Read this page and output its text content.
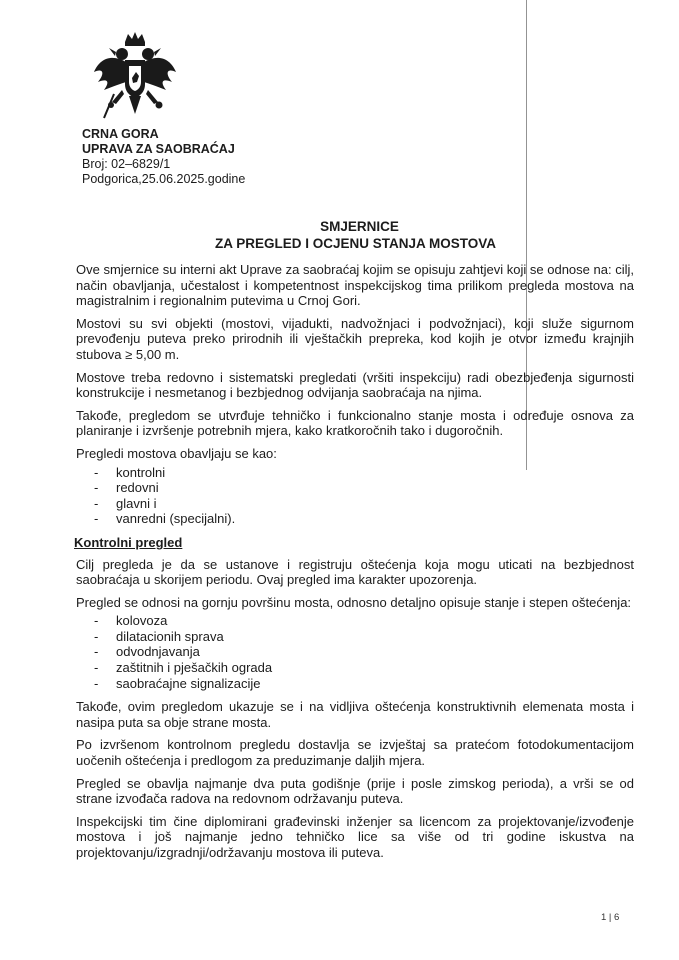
CRNA GORA
UPRAVA ZA SAOBRAĆAJ
Broj: 02–6829/1
Podgorica,25.06.2025.godine
SMJERNICE
ZA PREGLED I OCJENU STANJA MOSTOVA

Ove smjernice su interni akt Uprave za saobraćaj kojim se opisuju zahtjevi koji se odnose na: cilj, način obavljanja, učestalost i kompetentnost inspekcijskog tima prilikom pregleda mostova na magistralnim i regionalnim putevima u Crnoj Gori.

Mostovi su svi objekti (mostovi, vijadukti, nadvožnjaci i podvožnjaci), koji služe sigurnom prevođenju puteva preko prirodnih ili vještačkih prepreka, kod kojih je otvor između krajnjih stubova ≥ 5,00 m.

Mostove treba redovno i sistematski pregledati (vršiti inspekciju) radi obezbjeđenja sigurnosti konstrukcije i nesmetanog i bezbjednog odvijanja saobraćaja na njima.

Takođe, pregledom se utvrđuje tehničko i funkcionalno stanje mosta i određuje osnova za planiranje i izvršenje potrebnih mjera, kako kratkoročnih tako i dugoročnih.

Pregledi mostova obavljaju se kao:

- kontrolni
- redovni
- glavni i
- vanredni (specijalni).
Kontrolni pregled

Cilj pregleda je da se ustanove i registruju oštećenja koja mogu uticati na bezbjednost saobraćaja u skorijem periodu. Ovaj pregled ima karakter upozorenja.

Pregled se odnosi na gornju površinu mosta, odnosno detaljno opisuje stanje i stepen oštećenja:

- kolovoza
- dilatacionih sprava
- odvodnjavanja
- zaštitnih i pješačkih ograda
- saobraćajne signalizacije

Takođe, ovim pregledom ukazuje se i na vidljiva oštećenja konstruktivnih elemenata mosta i nasipa puta sa obje strane mosta.

Po izvršenom kontrolnom pregledu dostavlja se izvještaj sa pratećom fotodokumentacijom uočenih oštećenja i predlogom za preduzimanje daljih mjera.

Pregled se obavlja najmanje dva puta godišnje (prije i posle zimskog perioda), a vrši se od strane izvođača radova na redovnom održavanju puteva.

Inspekcijski tim čine diplomirani građevinski inženjer sa licencom za projektovanje/izvođenje mostova i još najmanje jedno tehničko lice sa više od tri godine iskustva na projektovanju/izgradnji/održavanju mostova ili puteva.

1 | 6
